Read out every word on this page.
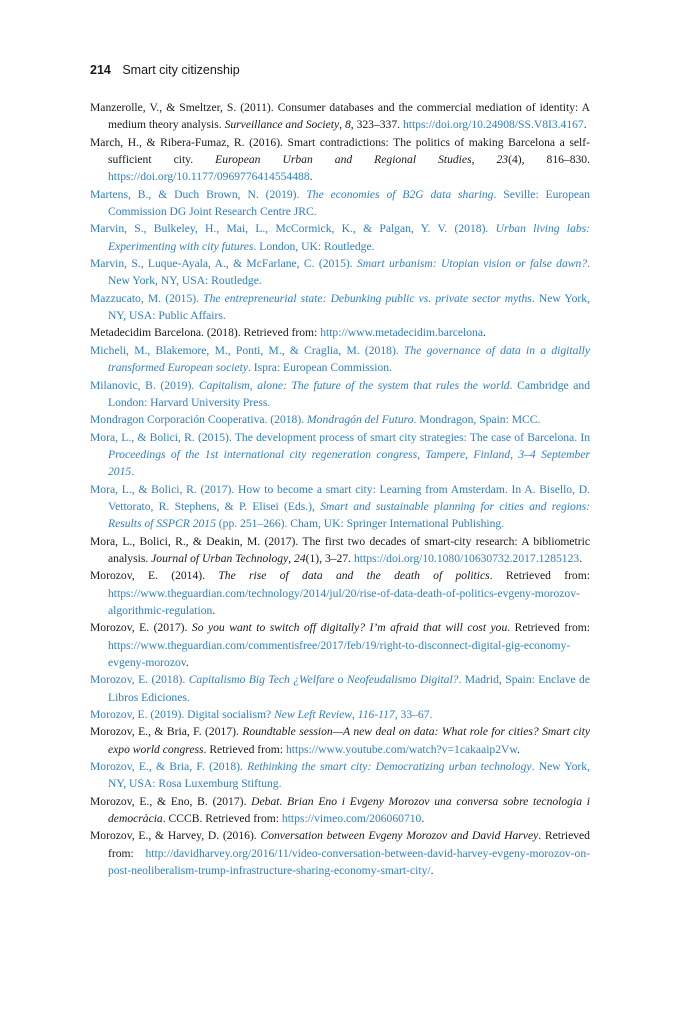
214 Smart city citizenship

Manzerolle, V., & Smeltzer, S. (2011). Consumer databases and the commercial mediation of identity: A medium theory analysis. Surveillance and Society, 8, 323–337. https://doi.org/10.24908/SS.V8I3.4167.

March, H., & Ribera-Fumaz, R. (2016). Smart contradictions: The politics of making Barcelona a self-sufficient city. European Urban and Regional Studies, 23(4), 816–830. https://doi.org/10.1177/0969776414554488.

Martens, B., & Duch Brown, N. (2019). The economies of B2G data sharing. Seville: European Commission DG Joint Research Centre JRC.

Marvin, S., Bulkeley, H., Mai, L., McCormick, K., & Palgan, Y. V. (2018). Urban living labs: Experimenting with city futures. London, UK: Routledge.

Marvin, S., Luque-Ayala, A., & McFarlane, C. (2015). Smart urbanism: Utopian vision or false dawn?. New York, NY, USA: Routledge.

Mazzucato, M. (2015). The entrepreneurial state: Debunking public vs. private sector myths. New York, NY, USA: Public Affairs.

Metadecidim Barcelona. (2018). Retrieved from: http://www.metadecidim.barcelona.

Micheli, M., Blakemore, M., Ponti, M., & Craglia, M. (2018). The governance of data in a digitally transformed European society. Ispra: European Commission.

Milanovic, B. (2019). Capitalism, alone: The future of the system that rules the world. Cambridge and London: Harvard University Press.

Mondragon Corporación Cooperativa. (2018). Mondragón del Futuro. Mondragon, Spain: MCC.

Mora, L., & Bolici, R. (2015). The development process of smart city strategies: The case of Barcelona. In Proceedings of the 1st international city regeneration congress, Tampere, Finland, 3–4 September 2015.

Mora, L., & Bolici, R. (2017). How to become a smart city: Learning from Amsterdam. In A. Bisello, D. Vettorato, R. Stephens, & P. Elisei (Eds.), Smart and sustainable planning for cities and regions: Results of SSPCR 2015 (pp. 251–266). Cham, UK: Springer International Publishing.

Mora, L., Bolici, R., & Deakin, M. (2017). The first two decades of smart-city research: A bibliometric analysis. Journal of Urban Technology, 24(1), 3–27. https://doi.org/10.1080/10630732.2017.1285123.

Morozov, E. (2014). The rise of data and the death of politics. Retrieved from: https://www.theguardian.com/technology/2014/jul/20/rise-of-data-death-of-politics-evgeny-morozov-algorithmic-regulation.

Morozov, E. (2017). So you want to switch off digitally? I’m afraid that will cost you. Retrieved from: https://www.theguardian.com/commentisfree/2017/feb/19/right-to-disconnect-digital-gig-economy-evgeny-morozov.

Morozov, E. (2018). Capitalismo Big Tech ¿Welfare o Neofeudalismo Digital?. Madrid, Spain: Enclave de Libros Ediciones.

Morozov, E. (2019). Digital socialism? New Left Review, 116-117, 33–67.

Morozov, E., & Bria, F. (2017). Roundtable session—A new deal on data: What role for cities? Smart city expo world congress. Retrieved from: https://www.youtube.com/watch?v=1cakaaip2Vw.

Morozov, E., & Bria, F. (2018). Rethinking the smart city: Democratizing urban technology. New York, NY, USA: Rosa Luxemburg Stiftung.

Morozov, E., & Eno, B. (2017). Debat. Brian Eno i Evgeny Morozov una conversa sobre tecnologia i democràcia. CCCB. Retrieved from: https://vimeo.com/206060710.

Morozov, E., & Harvey, D. (2016). Conversation between Evgeny Morozov and David Harvey. Retrieved from: http://davidharvey.org/2016/11/video-conversation-between-david-harvey-evgeny-morozov-on-post-neoliberalism-trump-infrastructure-sharing-economy-smart-city/.
